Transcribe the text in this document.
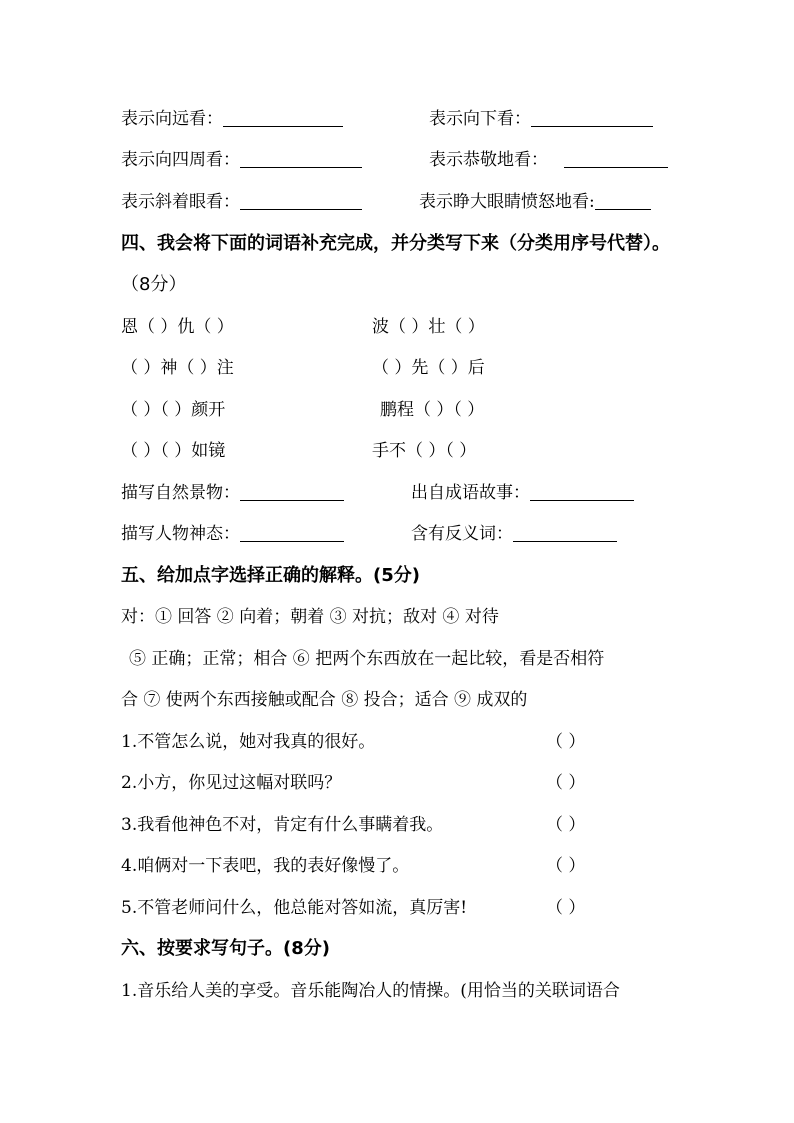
表示向远看：	表示向下看：
表示向四周看：	表示恭敬地看：
表示斜着眼看：	表示睁大眼睛愤怒地看:
四、我会将下面的词语补充完成，并分类写下来（分类用序号代替）。
（8分）
恩（ ）仇（ ）	波（ ）壮（ ）
（ ）神（ ）注	（ ）先（ ）后
（ ）（ ）颜开	鹏程（ ）（ ）
（ ）（ ）如镜	手不（ ）（ ）
描写自然景物：	出自成语故事：
描写人物神态：	含有反义词：
五、给加点字选择正确的解释。(5分)
对：① 回答 ② 向着；朝着 ③ 对抗；敌对 ④ 对待
⑤ 正确；正常；相合 ⑥ 把两个东西放在一起比较，看是否相符
合 ⑦ 使两个东西接触或配合 ⑧ 投合；适合 ⑨ 成双的
1.不管怎么说，她对我真的很好。	（ ）
2.小方，你见过这幅对联吗？	（ ）
3.我看他神色不对，肯定有什么事瞒着我。	（ ）
4.咱俩对一下表吧，我的表好像慢了。	（ ）
5.不管老师问什么，他总能对答如流，真厉害!	（ ）
六、按要求写句子。(8分)
1.音乐给人美的享受。音乐能陶冶人的情操。(用恰当的关联词语合
